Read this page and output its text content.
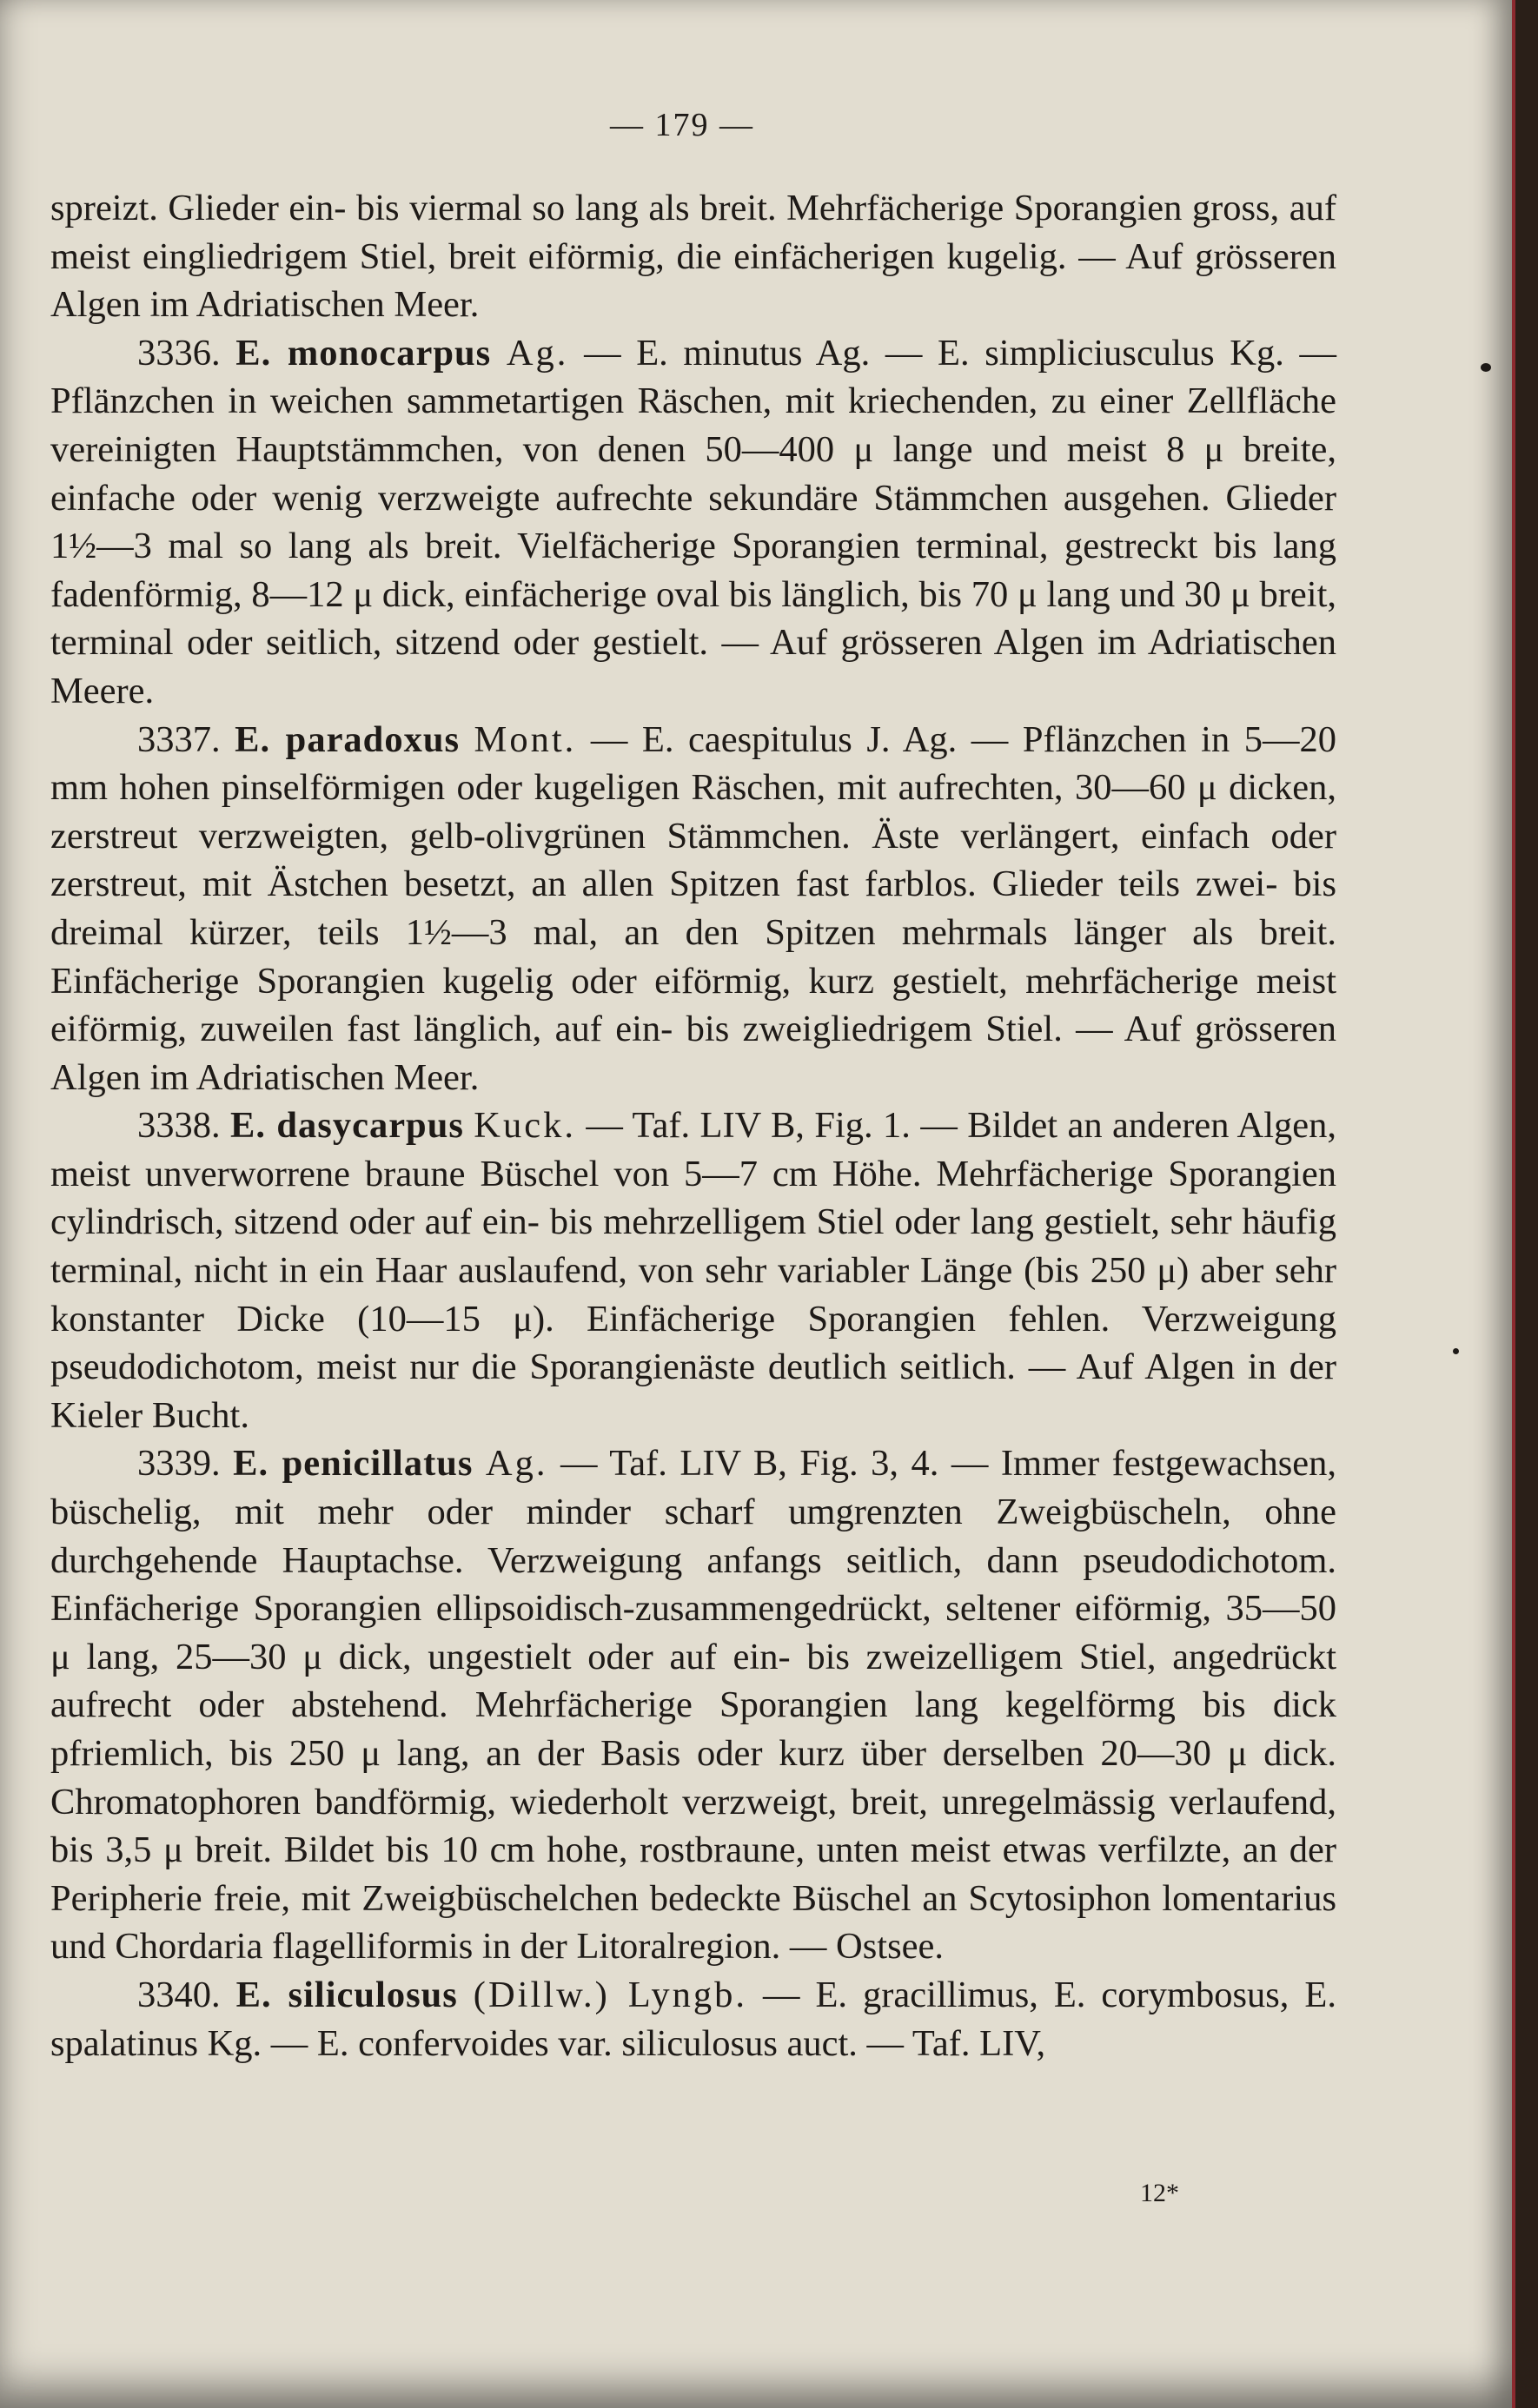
— 179 —

spreizt. Glieder ein- bis viermal so lang als breit. Mehrfächerige Sporangien gross, auf meist eingliedrigem Stiel, breit eiförmig, die einfächerigen kugelig. — Auf grösseren Algen im Adriatischen Meer.

3336. E. monocarpus Ag. — E. minutus Ag. — E. simpliciusculus Kg. — Pflänzchen in weichen sammetartigen Räschen, mit kriechenden, zu einer Zellfläche vereinigten Hauptstämmchen, von denen 50—400 μ lange und meist 8 μ breite, einfache oder wenig verzweigte aufrechte sekundäre Stämmchen ausgehen. Glieder 1½—3 mal so lang als breit. Vielfächerige Sporangien terminal, gestreckt bis lang fadenförmig, 8—12 μ dick, einfächerige oval bis länglich, bis 70 μ lang und 30 μ breit, terminal oder seitlich, sitzend oder gestielt. — Auf grösseren Algen im Adriatischen Meere.

3337. E. paradoxus Mont. — E. caespitulus J. Ag. — Pflänzchen in 5—20 mm hohen pinselförmigen oder kugeligen Räschen, mit aufrechten, 30—60 μ dicken, zerstreut verzweigten, gelb-olivgrünen Stämmchen. Äste verlängert, einfach oder zerstreut, mit Ästchen besetzt, an allen Spitzen fast farblos. Glieder teils zwei- bis dreimal kürzer, teils 1½—3 mal, an den Spitzen mehrmals länger als breit. Einfächerige Sporangien kugelig oder eiförmig, kurz gestielt, mehrfächerige meist eiförmig, zuweilen fast länglich, auf ein- bis zweigliedrigem Stiel. — Auf grösseren Algen im Adriatischen Meer.

3338. E. dasycarpus Kuck. — Taf. LIV B, Fig. 1. — Bildet an anderen Algen, meist unverworrene braune Büschel von 5—7 cm Höhe. Mehrfächerige Sporangien cylindrisch, sitzend oder auf ein- bis mehrzelligem Stiel oder lang gestielt, sehr häufig terminal, nicht in ein Haar auslaufend, von sehr variabler Länge (bis 250 μ) aber sehr konstanter Dicke (10—15 μ). Einfächerige Sporangien fehlen. Verzweigung pseudodichotom, meist nur die Sporangienäste deutlich seitlich. — Auf Algen in der Kieler Bucht.

3339. E. penicillatus Ag. — Taf. LIV B, Fig. 3, 4. — Immer festgewachsen, büschelig, mit mehr oder minder scharf umgrenzten Zweigbüscheln, ohne durchgehende Hauptachse. Verzweigung anfangs seitlich, dann pseudodichotom. Einfächerige Sporangien ellipsoidisch-zusammengedrückt, seltener eiförmig, 35—50 μ lang, 25—30 μ dick, ungestielt oder auf ein- bis zweizelligem Stiel, angedrückt aufrecht oder abstehend. Mehrfächerige Sporangien lang kegelförmg bis dick pfriemlich, bis 250 μ lang, an der Basis oder kurz über derselben 20—30 μ dick. Chromatophoren bandförmig, wiederholt verzweigt, breit, unregelmässig verlaufend, bis 3,5 μ breit. Bildet bis 10 cm hohe, rostbraune, unten meist etwas verfilzte, an der Peripherie freie, mit Zweigbüschelchen bedeckte Büschel an Scytosiphon lomentarius und Chordaria flagelliformis in der Litoralregion. — Ostsee.

3340. E. siliculosus (Dillw.) Lyngb. — E. gracillimus, E. corymbosus, E. spalatinus Kg. — E. confervoides var. siliculosus auct. — Taf. LIV,

12*
